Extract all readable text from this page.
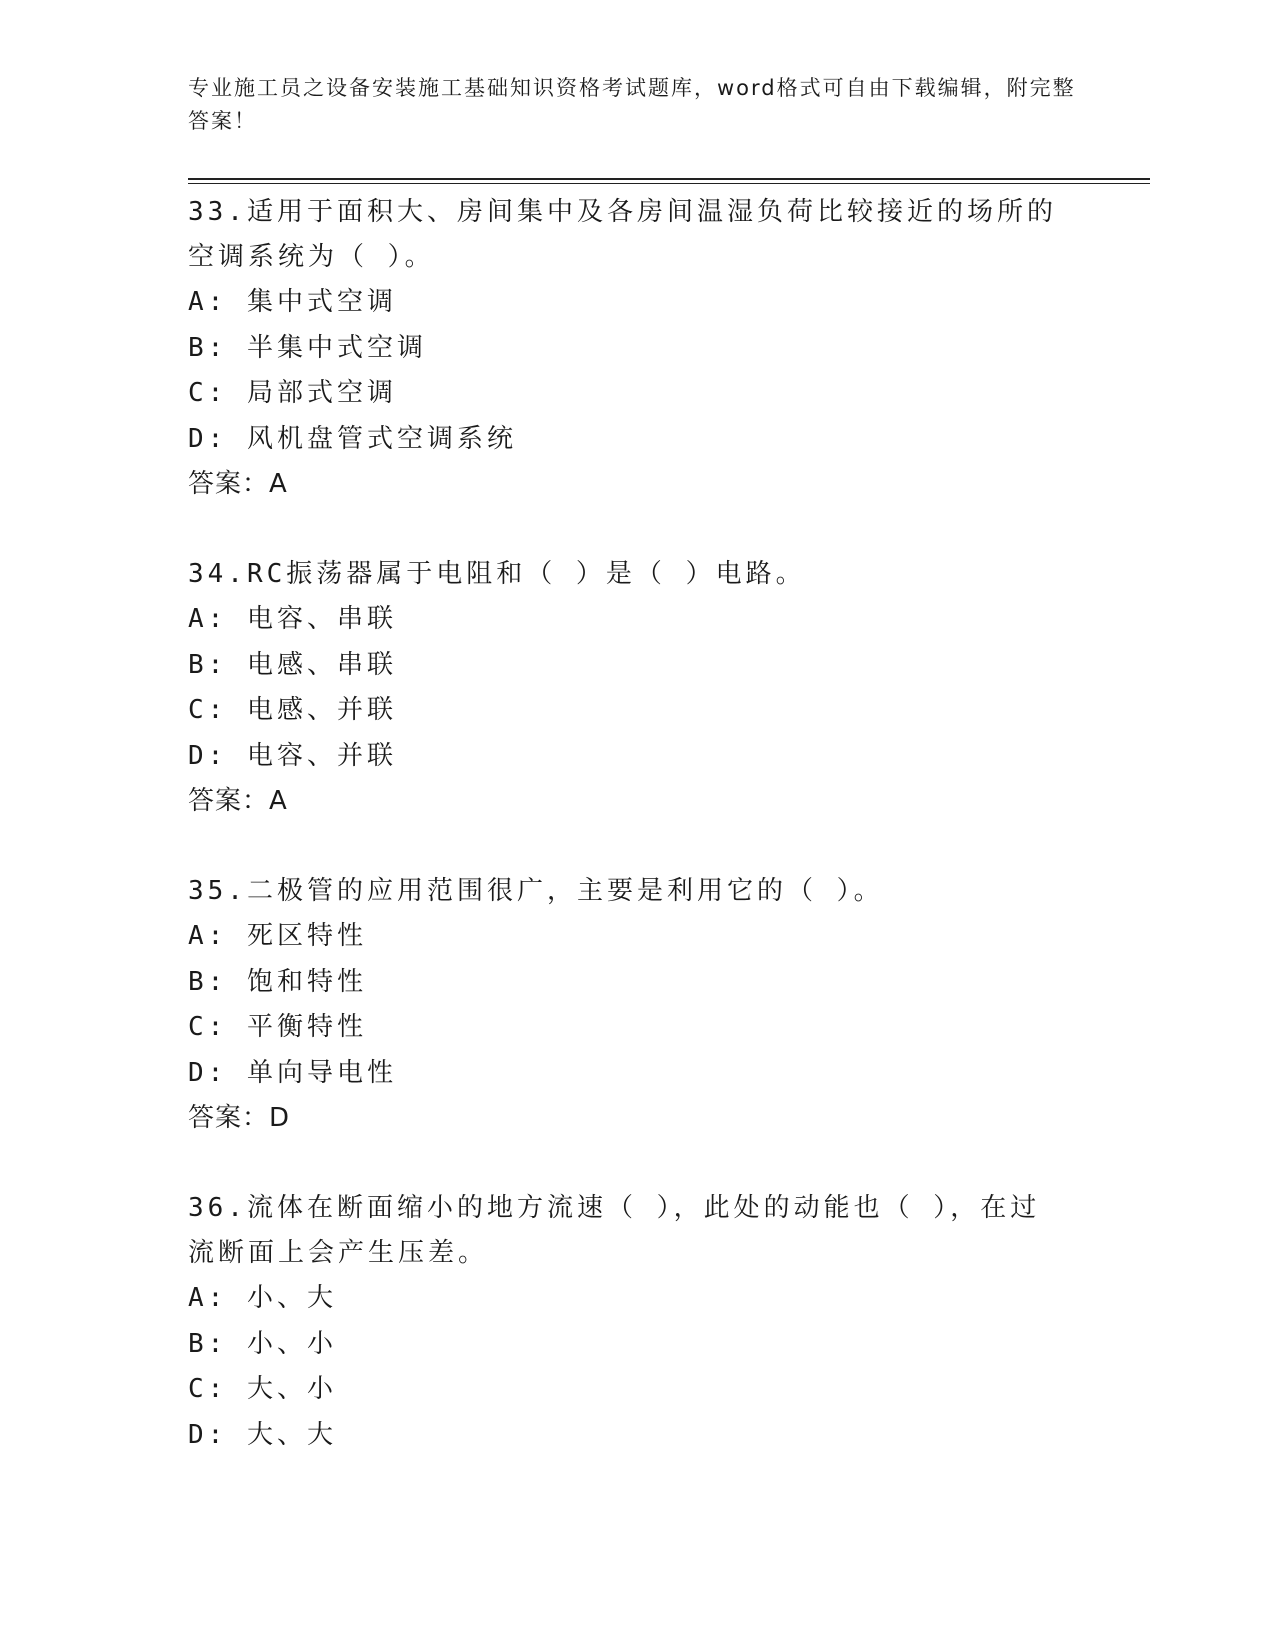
专业施工员之设备安装施工基础知识资格考试题库，word格式可自由下载编辑，附完整答案！
33.适用于面积大、房间集中及各房间温湿负荷比较接近的场所的空调系统为（ ）。
A: 集中式空调
B: 半集中式空调
C: 局部式空调
D: 风机盘管式空调系统
答案：A
34.RC振荡器属于电阻和（ ）是（ ）电路。
A: 电容、串联
B: 电感、串联
C: 电感、并联
D: 电容、并联
答案：A
35.二极管的应用范围很广，主要是利用它的（ ）。
A: 死区特性
B: 饱和特性
C: 平衡特性
D: 单向导电性
答案：D
36.流体在断面缩小的地方流速（ ），此处的动能也（ ），在过流断面上会产生压差。
A: 小、大
B: 小、小
C: 大、小
D: 大、大
